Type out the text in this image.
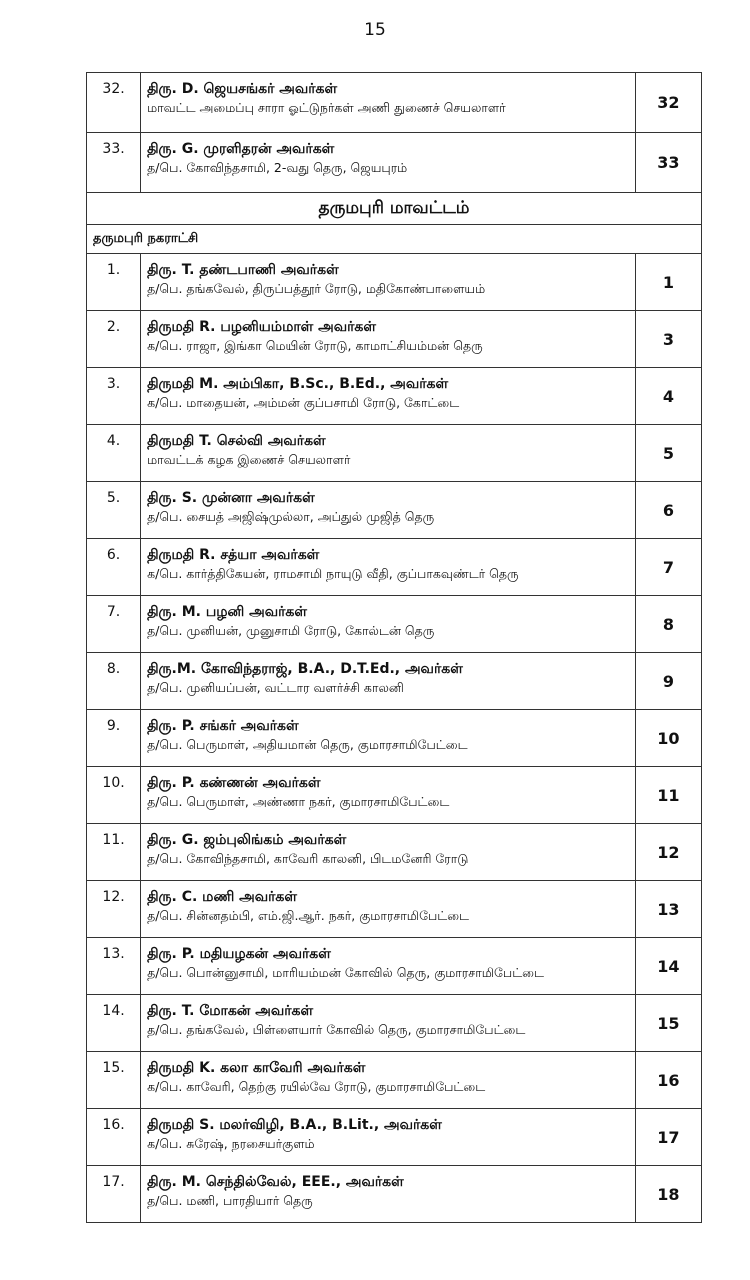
15
32.	திரு. D. ஜெயசங்கர் அவர்கள்
மாவட்ட அமைப்பு சாரா ஓட்டுநர்கள் அணி துணைச் செயலாளர்	32
33.	திரு. G. முரளிதரன் அவர்கள்
த/பெ. கோவிந்தசாமி, 2-வது தெரு, ஜெயபுரம்	33
தருமபுரி மாவட்டம்		
தருமபுரி நகராட்சி		
1.	திரு. T. தண்டபாணி அவர்கள்
த/பெ. தங்கவேல், திருப்பத்தூர் ரோடு, மதிகோண்பாளையம்	1
2.	திருமதி R. பழனியம்மாள் அவர்கள்
க/பெ. ராஜா, இங்கா மெயின் ரோடு, காமாட்சியம்மன் தெரு	3
3.	திருமதி M. அம்பிகா, B.Sc., B.Ed., அவர்கள்
க/பெ. மாதையன், அம்மன் குப்பசாமி ரோடு, கோட்டை	4
4.	திருமதி T. செல்வி அவர்கள்
மாவட்டக் கழக இணைச் செயலாளர்	5
5.	திரு. S. முன்னா அவர்கள்
த/பெ. சையத் அஜிஷ்முல்லா, அப்துல் முஜித் தெரு	6
6.	திருமதி R. சத்யா அவர்கள்
க/பெ. கார்த்திகேயன், ராமசாமி நாயுடு வீதி, குப்பாகவுண்டர் தெரு	7
7.	திரு. M. பழனி அவர்கள்
த/பெ. முனியன், முனுசாமி ரோடு, கோல்டன் தெரு	8
8.	திரு.M. கோவிந்தராஜ், B.A., D.T.Ed., அவர்கள்
த/பெ. முனியப்பன், வட்டார வளர்ச்சி காலனி	9
9.	திரு. P. சங்கர் அவர்கள்
த/பெ. பெருமாள், அதியமான் தெரு, குமாரசாமிபேட்டை	10
10.	திரு. P. கண்ணன் அவர்கள்
த/பெ. பெருமாள், அண்ணா நகர், குமாரசாமிபேட்டை	11
11.	திரு. G. ஜம்புலிங்கம் அவர்கள்
த/பெ. கோவிந்தசாமி, காவேரி காலனி, பிடமனேரி ரோடு	12
12.	திரு. C. மணி அவர்கள்
த/பெ. சின்னதம்பி, எம்.ஜி.ஆர். நகர், குமாரசாமிபேட்டை	13
13.	திரு. P. மதியழகன் அவர்கள்
த/பெ. பொன்னுசாமி, மாரியம்மன் கோவில் தெரு, குமாரசாமிபேட்டை	14
14.	திரு. T. மோகன் அவர்கள்
த/பெ. தங்கவேல், பிள்ளையார் கோவில் தெரு, குமாரசாமிபேட்டை	15
15.	திருமதி K. கலா காவேரி அவர்கள்
க/பெ. காவேரி, தெற்கு ரயில்வே ரோடு, குமாரசாமிபேட்டை	16
16.	திருமதி S. மலர்விழி, B.A., B.Lit., அவர்கள்
க/பெ. சுரேஷ், நரசையர்குளம்	17
17.	திரு. M. செந்தில்வேல், EEE., அவர்கள்
த/பெ. மணி, பாரதியார் தெரு	18
